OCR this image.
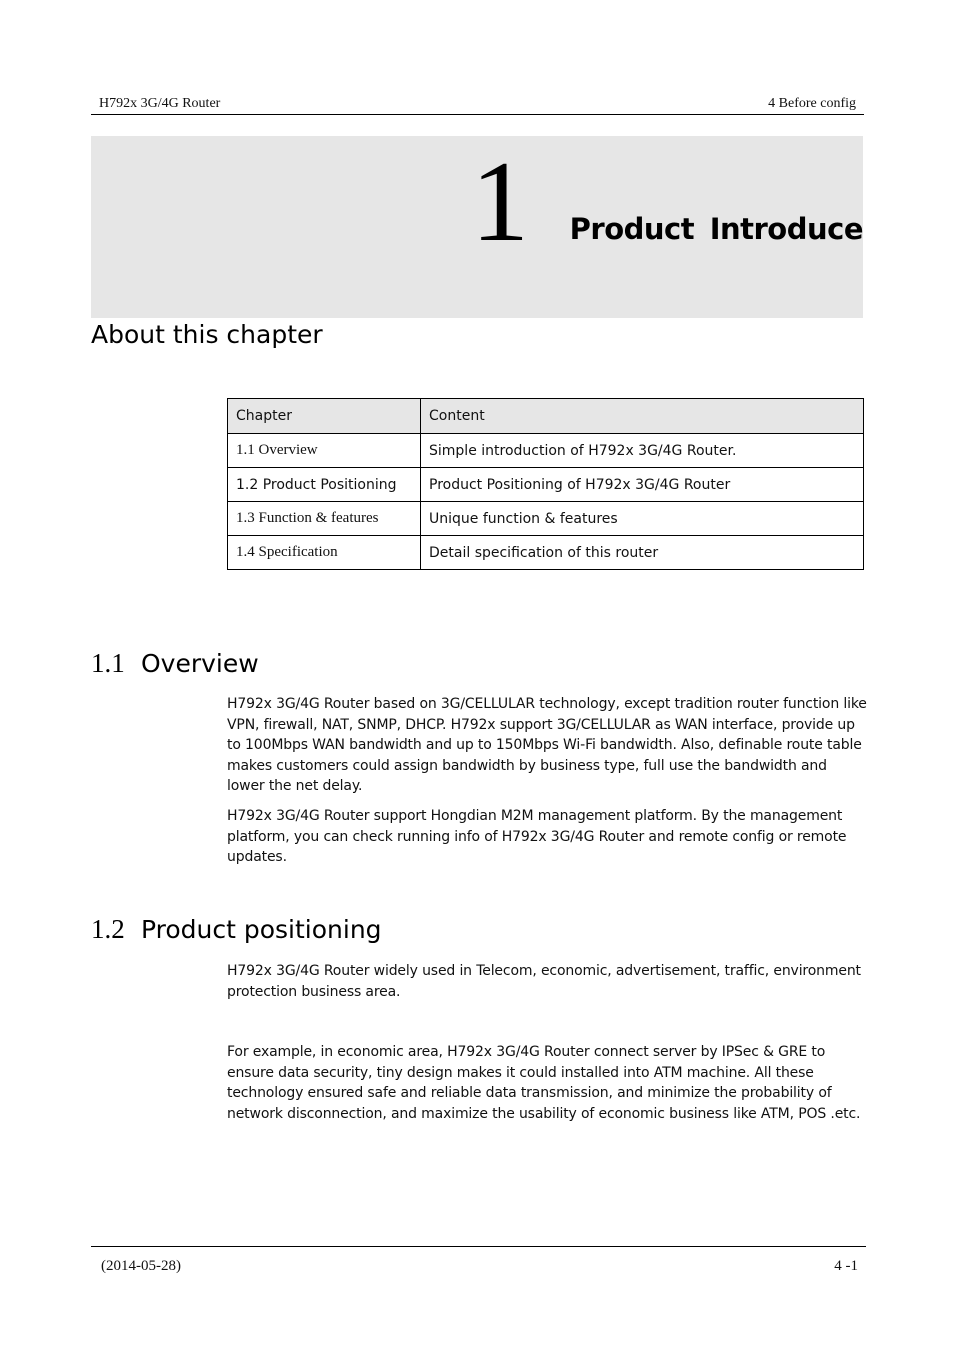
H792x 3G/4G Router	4 Before config
1 Product Introduce
About this chapter
Chapter	Content
1.1 Overview	Simple introduction of H792x 3G/4G Router.
1.2 Product Positioning	Product Positioning of H792x 3G/4G Router
1.3 Function & features	Unique function & features
1.4 Specification	Detail specification of this router
1.1 Overview
H792x 3G/4G Router based on 3G/CELLULAR technology, except tradition router function like VPN, firewall, NAT, SNMP, DHCP. H792x support 3G/CELLULAR as WAN interface, provide up to 100Mbps WAN bandwidth and up to 150Mbps Wi-Fi bandwidth. Also, definable route table makes customers could assign bandwidth by business type, full use the bandwidth and lower the net delay.
H792x 3G/4G Router support Hongdian M2M management platform. By the management platform, you can check running info of H792x 3G/4G Router and remote config or remote updates.
1.2 Product positioning
H792x 3G/4G Router widely used in Telecom, economic, advertisement, traffic, environment protection business area.
For example, in economic area, H792x 3G/4G Router connect server by IPSec & GRE to ensure data security, tiny design makes it could installed into ATM machine. All these technology ensured safe and reliable data transmission, and minimize the probability of network disconnection, and maximize the usability of economic business like ATM, POS .etc.
(2014-05-28)	4 -1
